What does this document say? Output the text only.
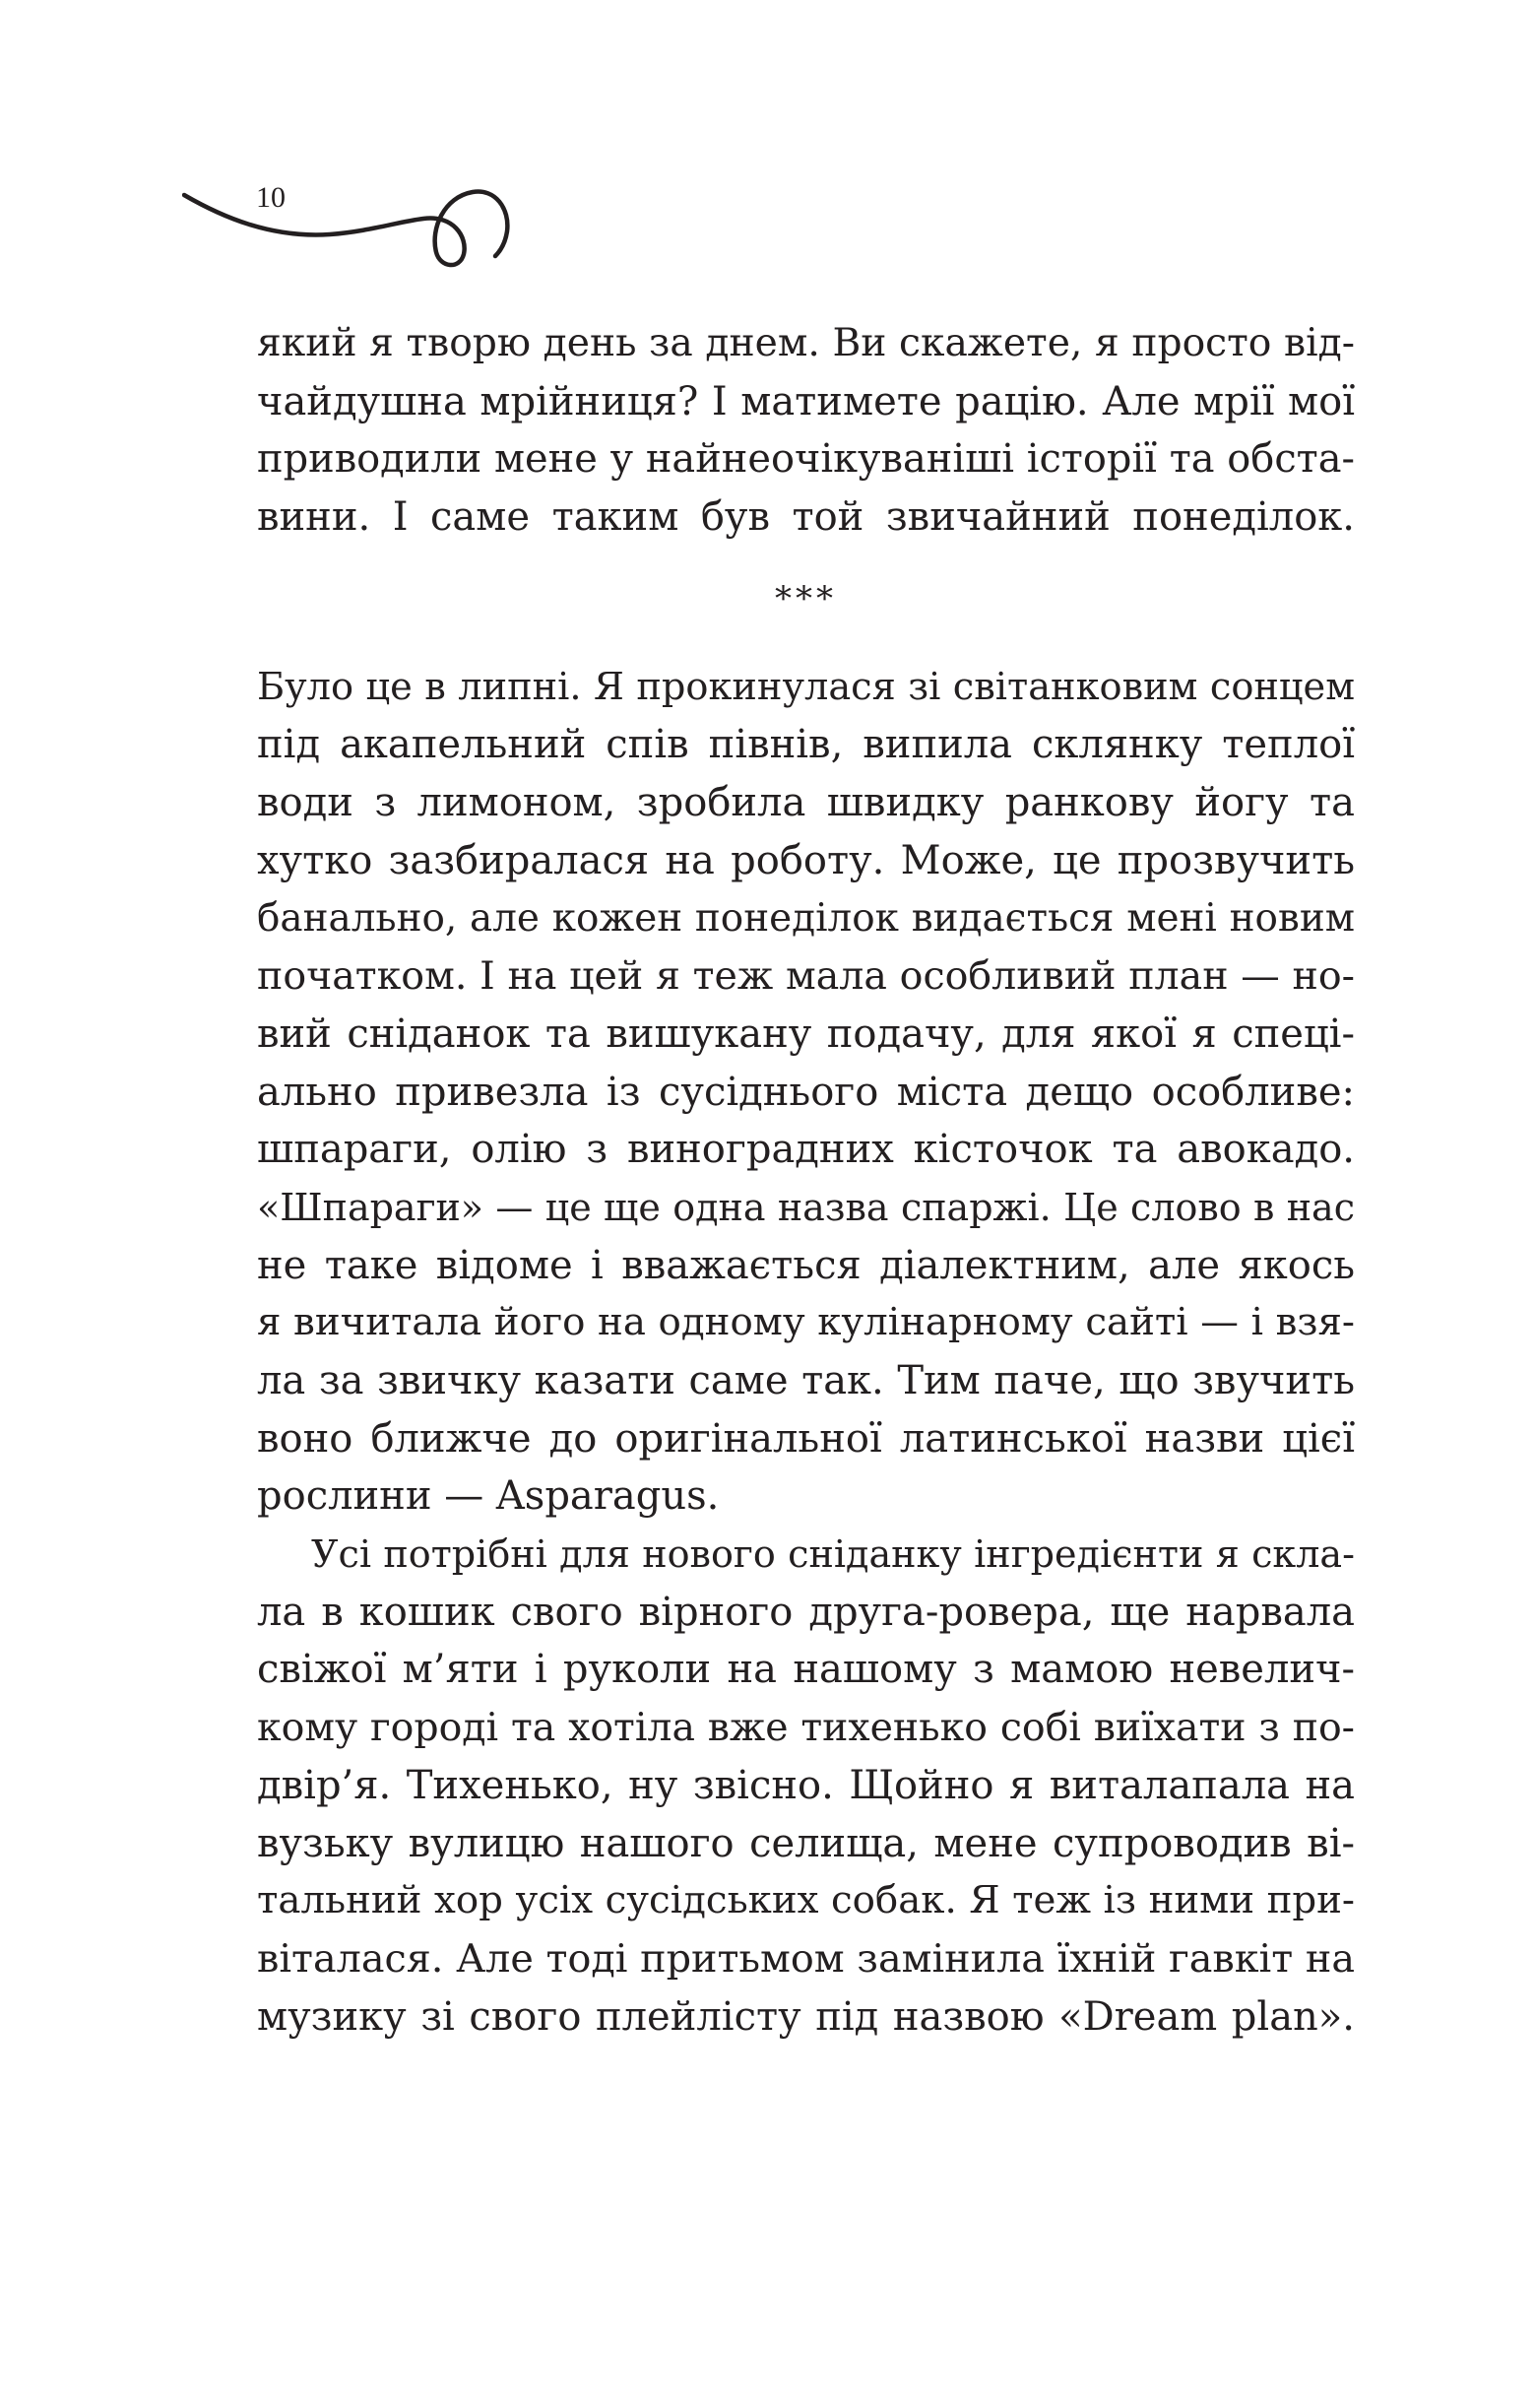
10
який я творю день за днем. Ви скажете, я просто від-
чайдушна мрійниця? І матимете рацію. Але мрії мої
приводили мене у найнеочікуваніші історії та обста-
вини. І саме таким був той звичайний понеділок.
***
Було це в липні. Я прокинулася зі світанковим сонцем
під акапельний спів півнів, випила склянку теплої
води з лимоном, зробила швидку ранкову йогу та
хутко зазбиралася на роботу. Може, це прозвучить
банально, але кожен понеділок видається мені новим
початком. І на цей я теж мала особливий план — но-
вий сніданок та вишукану подачу, для якої я спеці-
ально привезла із сусіднього міста дещо особливе:
шпараги, олію з виноградних кісточок та авокадо.
«Шпараги» — це ще одна назва спаржі. Це слово в нас
не таке відоме і вважається діалектним, але якось
я вичитала його на одному кулінарному сайті — і взя-
ла за звичку казати саме так. Тим паче, що звучить
воно ближче до оригінальної латинської назви цієї
рослини — Asparagus.
Усі потрібні для нового сніданку інгредієнти я скла-
ла в кошик свого вірного друга-ровера, ще нарвала
свіжої м’яти і руколи на нашому з мамою невелич-
кому городі та хотіла вже тихенько собі виїхати з по-
двір’я. Тихенько, ну звісно. Щойно я виталапала на
вузьку вулицю нашого селища, мене супроводив ві-
тальний хор усіх сусідських собак. Я теж із ними при-
віталася. Але тоді притьмом замінила їхній гавкіт на
музику зі свого плейлісту під назвою «Dream plan».
